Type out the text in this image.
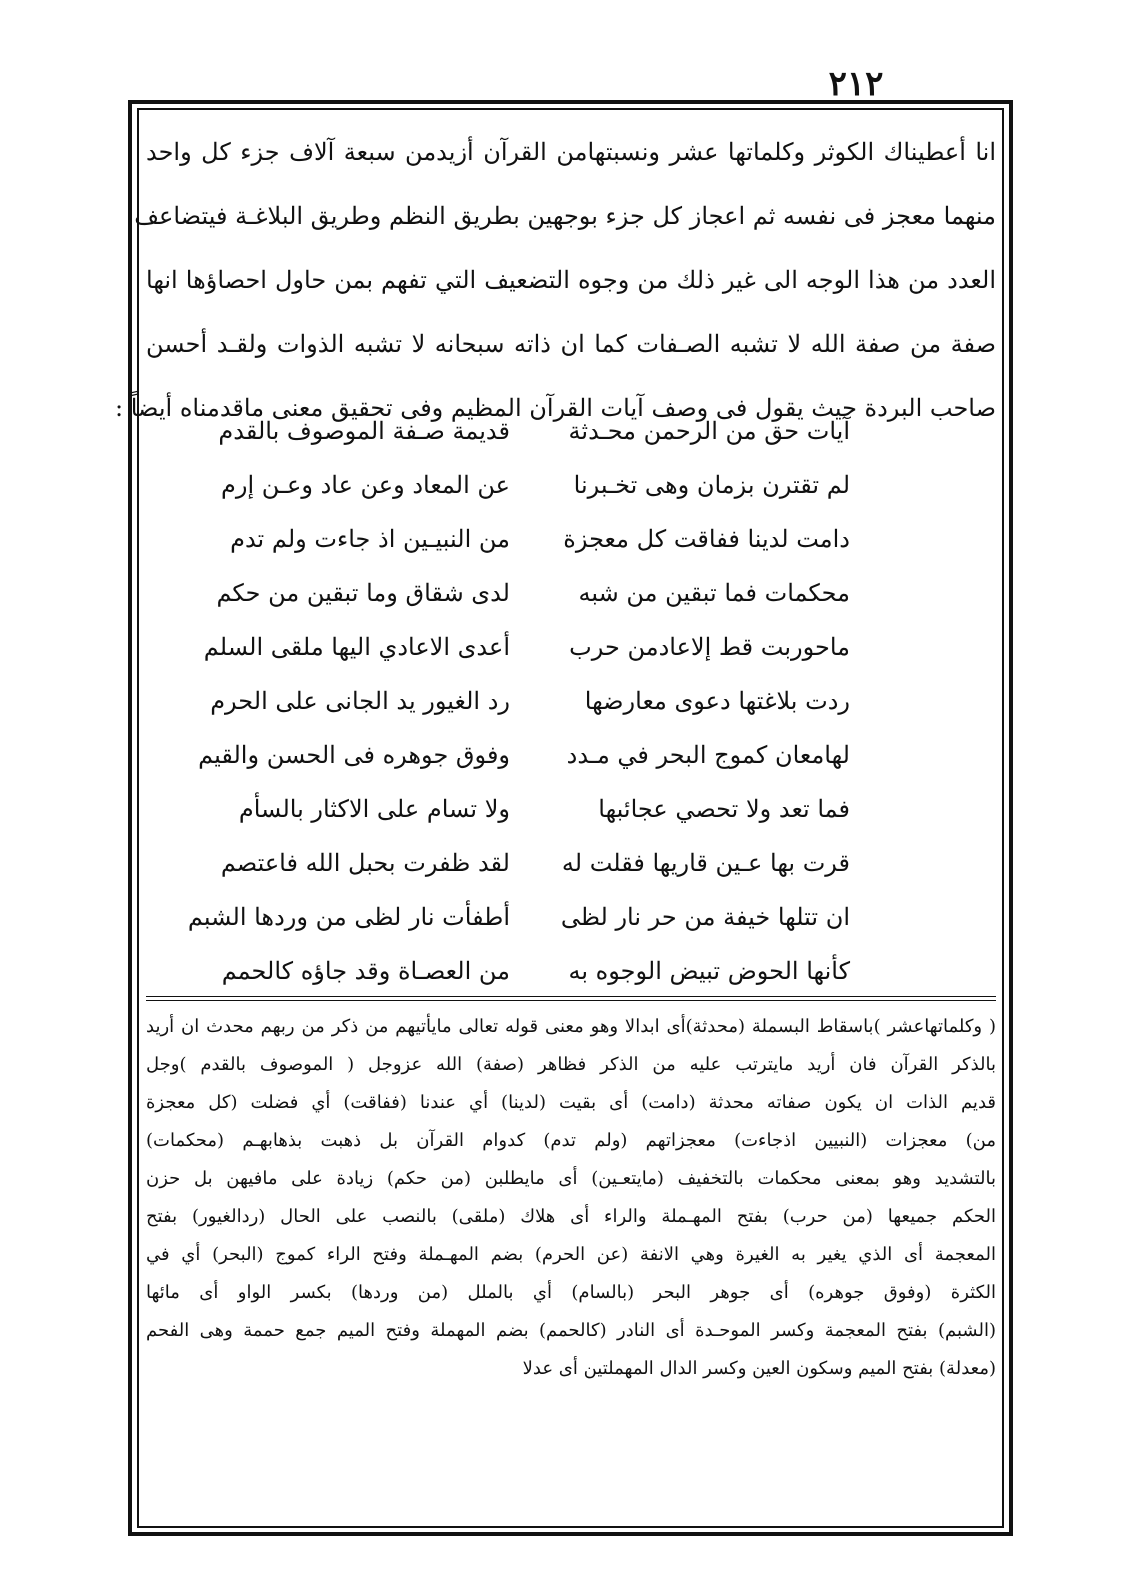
٢١٢
انا أعطيناك الكوثر وكلماتها عشر ونسبتهامن القرآن أزيدمن سبعة آلاف جزء كل واحد
منهما معجز فى نفسه ثم اعجاز كل جزء بوجهين بطريق النظم وطريق البلاغـة فيتضاعف
العدد من هذا الوجه الى غير ذلك من وجوه التضعيف التي تفهم بمن حاول احصاؤها انها
صفة من صفة الله لا تشبه الصـفات كما ان ذاته سبحانه لا تشبه الذوات ولقـد أحسن
صاحب البردة حيث يقول فى وصف آيات القرآن المظيم وفى تحقيق معنى ماقدمناه أيضاً :
آيات حق من الرحمن محـدثة
قديمة صـفة الموصوف بالقدم
لم تقترن بزمان وهى تخـبرنا
عن المعاد وعن عاد وعـن إرم
دامت لدينا ففاقت كل معجزة
من النبيـين اذ جاءت ولم تدم
محكمات فما تبقين من شبه
لدى شقاق وما تبقين من حكم
ماحوربت قط إلاعادمن حرب
أعدى الاعادي اليها ملقى السلم
ردت بلاغتها دعوى معارضها
رد الغيور يد الجانى على الحرم
لهامعان كموج البحر في مـدد
وفوق جوهره فى الحسن والقيم
فما تعد ولا تحصي عجائبها
ولا تسام على الاكثار بالسأم
قرت بها عـين قاريها فقلت له
لقد ظفرت بحبل الله فاعتصم
ان تتلها خيفة من حر نار لظى
أطفأت نار لظى من وردها الشبم
كأنها الحوض تبيض الوجوه به
من العصـاة وقد جاؤه كالحمم
( وكلماتهاعشر )باسقاط البسملة (محدثة)أى ابدالا وهو معنى قوله تعالى مايأتيهم من ذكر من ربهم محدث ان أريد
بالذكر القرآن فان أريد مايترتب عليه من الذكر فظاهر (صفة) الله عزوجل ( الموصوف بالقدم )وجل
قديم الذات ان يكون صفاته محدثة (دامت) أى بقيت (لدينا) أي عندنا (ففاقت) أي فضلت (كل معجزة
من) معجزات (النبيين اذجاءت) معجزاتهم (ولم تدم) كدوام القرآن بل ذهبت بذهابهـم (محكمات)
بالتشديد وهو بمعنى محكمات بالتخفيف (مايتعـين) أى مايطلبن (من حكم) زيادة على مافيهن بل حزن
الحكم جميعها (من حرب) بفتح المهـملة والراء أى هلاك (ملقى) بالنصب على الحال (ردالغيور) بفتح
المعجمة أى الذي يغير به الغيرة وهي الانفة (عن الحرم) بضم المهـملة وفتح الراء كموج (البحر) أي في
الكثرة (وفوق جوهره) أى جوهر البحر (بالسام) أي بالملل (من وردها) بكسر الواو أى مائها
(الشبم) بفتح المعجمة وكسر الموحـدة أى النادر (كالحمم) بضم المهملة وفتح الميم جمع حممة وهى الفحم
(معدلة) بفتح الميم وسكون العين وكسر الدال المهملتين أى عدلا
